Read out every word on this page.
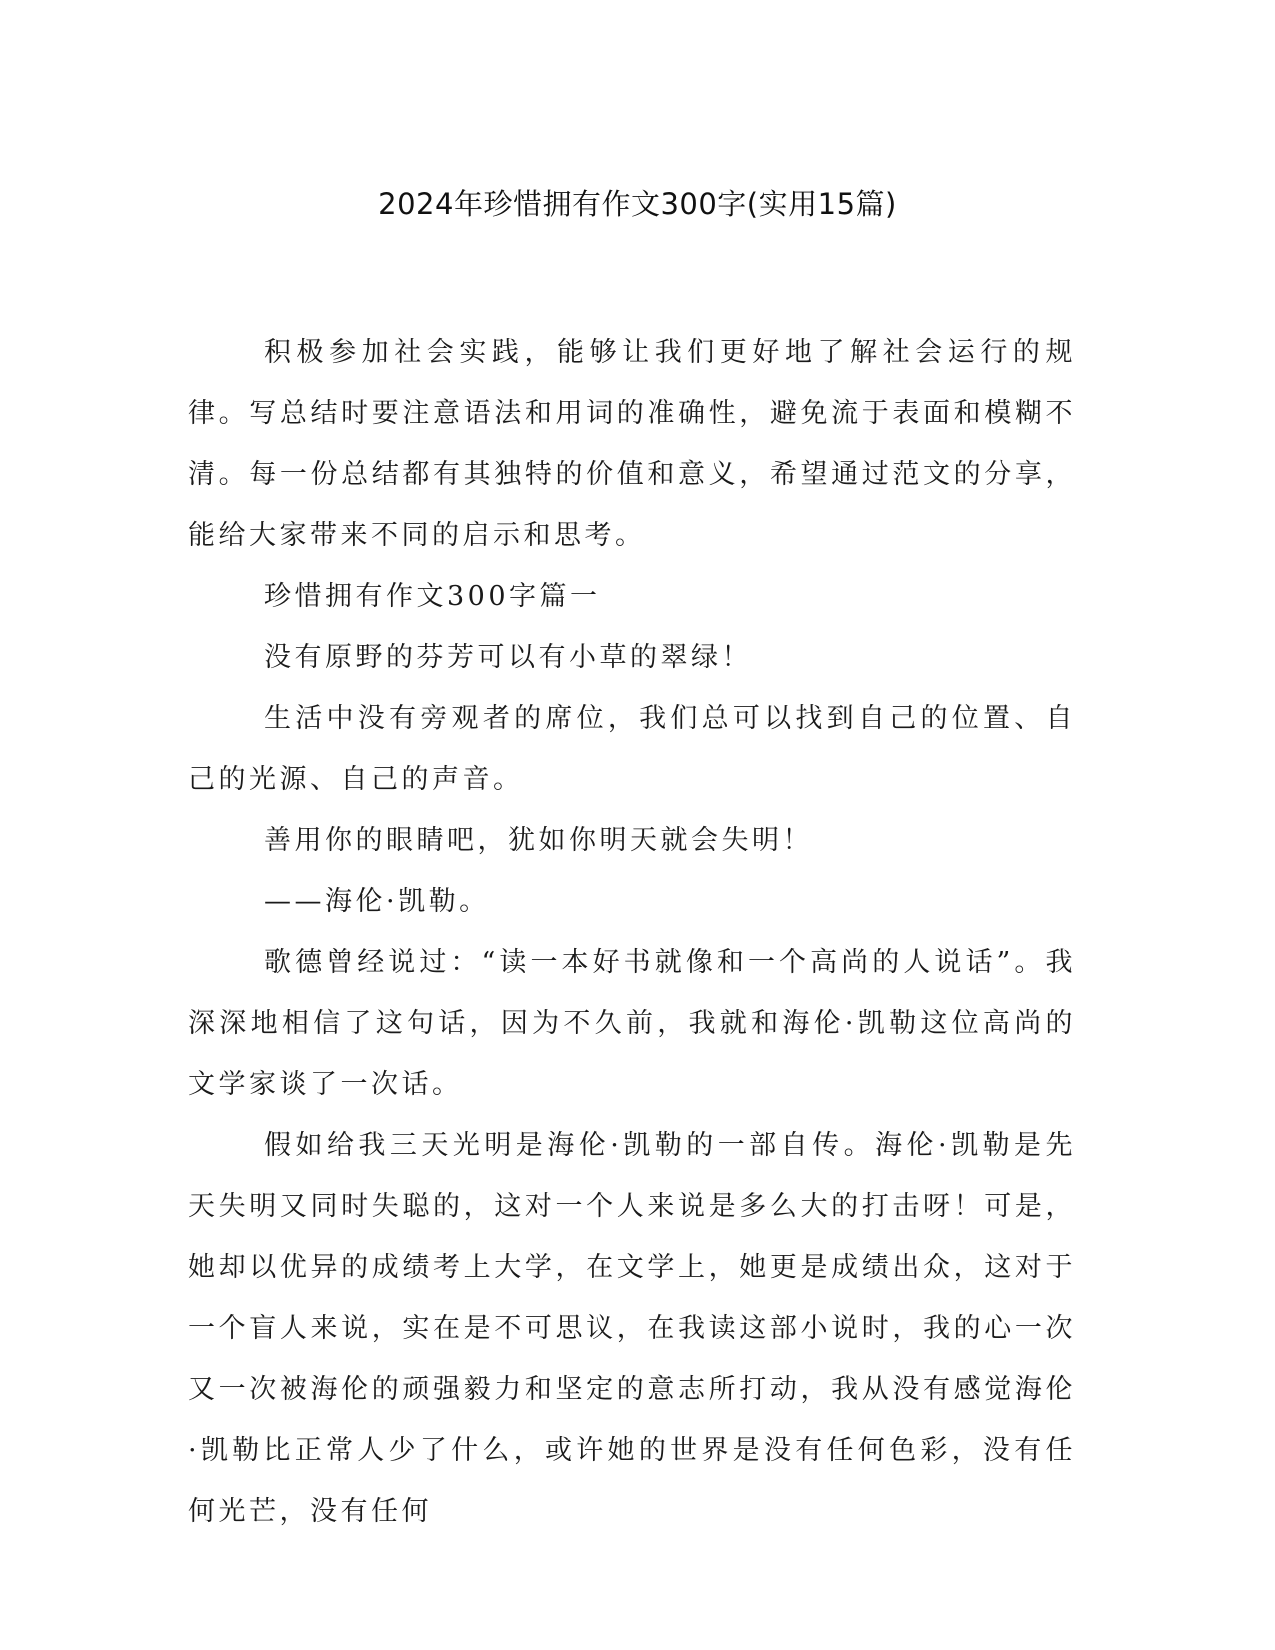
2024年珍惜拥有作文300字(实用15篇)

积极参加社会实践，能够让我们更好地了解社会运行的规律。写总结时要注意语法和用词的准确性，避免流于表面和模糊不清。每一份总结都有其独特的价值和意义，希望通过范文的分享，能给大家带来不同的启示和思考。

珍惜拥有作文300字篇一

没有原野的芬芳可以有小草的翠绿！

生活中没有旁观者的席位，我们总可以找到自己的位置、自己的光源、自己的声音。

善用你的眼睛吧，犹如你明天就会失明！

——海伦·凯勒。

歌德曾经说过：“读一本好书就像和一个高尚的人说话”。我深深地相信了这句话，因为不久前，我就和海伦·凯勒这位高尚的文学家谈了一次话。

假如给我三天光明是海伦·凯勒的一部自传。海伦·凯勒是先天失明又同时失聪的，这对一个人来说是多么大的打击呀！可是，她却以优异的成绩考上大学，在文学上，她更是成绩出众，这对于一个盲人来说，实在是不可思议，在我读这部小说时，我的心一次又一次被海伦的顽强毅力和坚定的意志所打动，我从没有感觉海伦·凯勒比正常人少了什么，或许她的世界是没有任何色彩，没有任何光芒，没有任何
